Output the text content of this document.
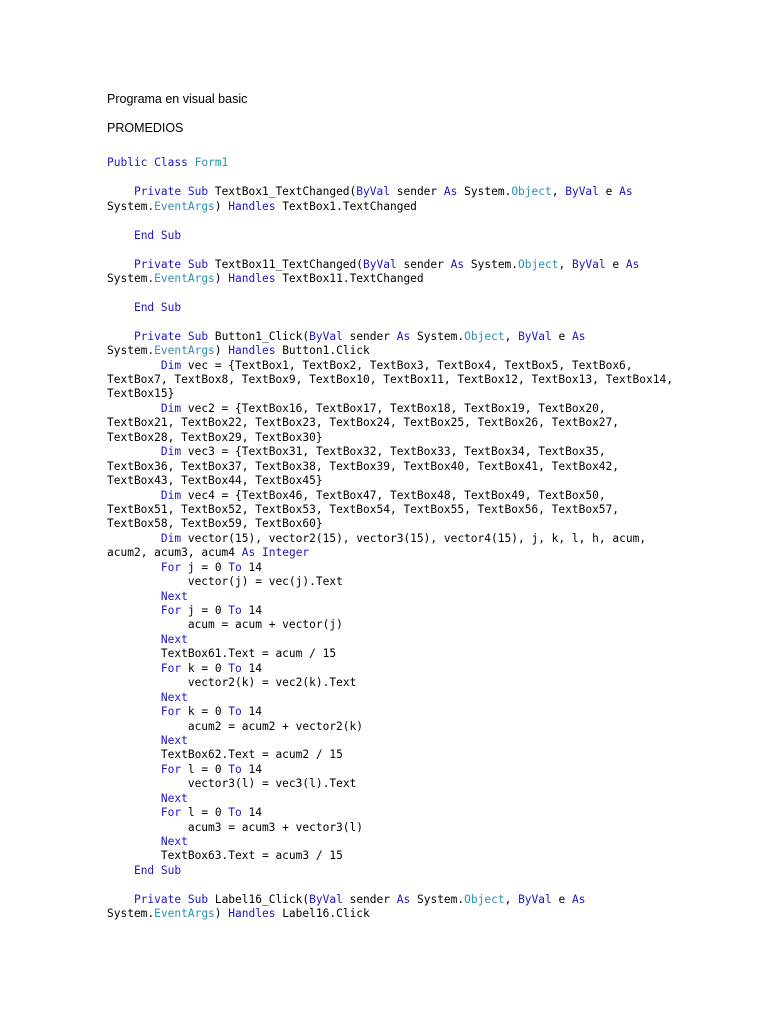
Programa en visual basic

PROMEDIOS

Public Class Form1

Private Sub TextBox1_TextChanged(ByVal sender As System.Object, ByVal e As
System.EventArgs) Handles TextBox1.TextChanged

End Sub

Private Sub TextBox11_TextChanged(ByVal sender As System.Object, ByVal e As
System.EventArgs) Handles TextBox11.TextChanged

End Sub

Private Sub Button1_Click(ByVal sender As System.Object, ByVal e As
System.EventArgs) Handles Button1.Click
Dim vec = {TextBox1, TextBox2, TextBox3, TextBox4, TextBox5, TextBox6,
TextBox7, TextBox8, TextBox9, TextBox10, TextBox11, TextBox12, TextBox13, TextBox14,
TextBox15}
Dim vec2 = {TextBox16, TextBox17, TextBox18, TextBox19, TextBox20,
TextBox21, TextBox22, TextBox23, TextBox24, TextBox25, TextBox26, TextBox27,
TextBox28, TextBox29, TextBox30}
Dim vec3 = {TextBox31, TextBox32, TextBox33, TextBox34, TextBox35,
TextBox36, TextBox37, TextBox38, TextBox39, TextBox40, TextBox41, TextBox42,
TextBox43, TextBox44, TextBox45}
Dim vec4 = {TextBox46, TextBox47, TextBox48, TextBox49, TextBox50,
TextBox51, TextBox52, TextBox53, TextBox54, TextBox55, TextBox56, TextBox57,
TextBox58, TextBox59, TextBox60}
Dim vector(15), vector2(15), vector3(15), vector4(15), j, k, l, h, acum,
acum2, acum3, acum4 As Integer
For j = 0 To 14
vector(j) = vec(j).Text
Next
For j = 0 To 14
acum = acum + vector(j)
Next
TextBox61.Text = acum / 15
For k = 0 To 14
vector2(k) = vec2(k).Text
Next
For k = 0 To 14
acum2 = acum2 + vector2(k)
Next
TextBox62.Text = acum2 / 15
For l = 0 To 14
vector3(l) = vec3(l).Text
Next
For l = 0 To 14
acum3 = acum3 + vector3(l)
Next
TextBox63.Text = acum3 / 15
End Sub

Private Sub Label16_Click(ByVal sender As System.Object, ByVal e As
System.EventArgs) Handles Label16.Click
